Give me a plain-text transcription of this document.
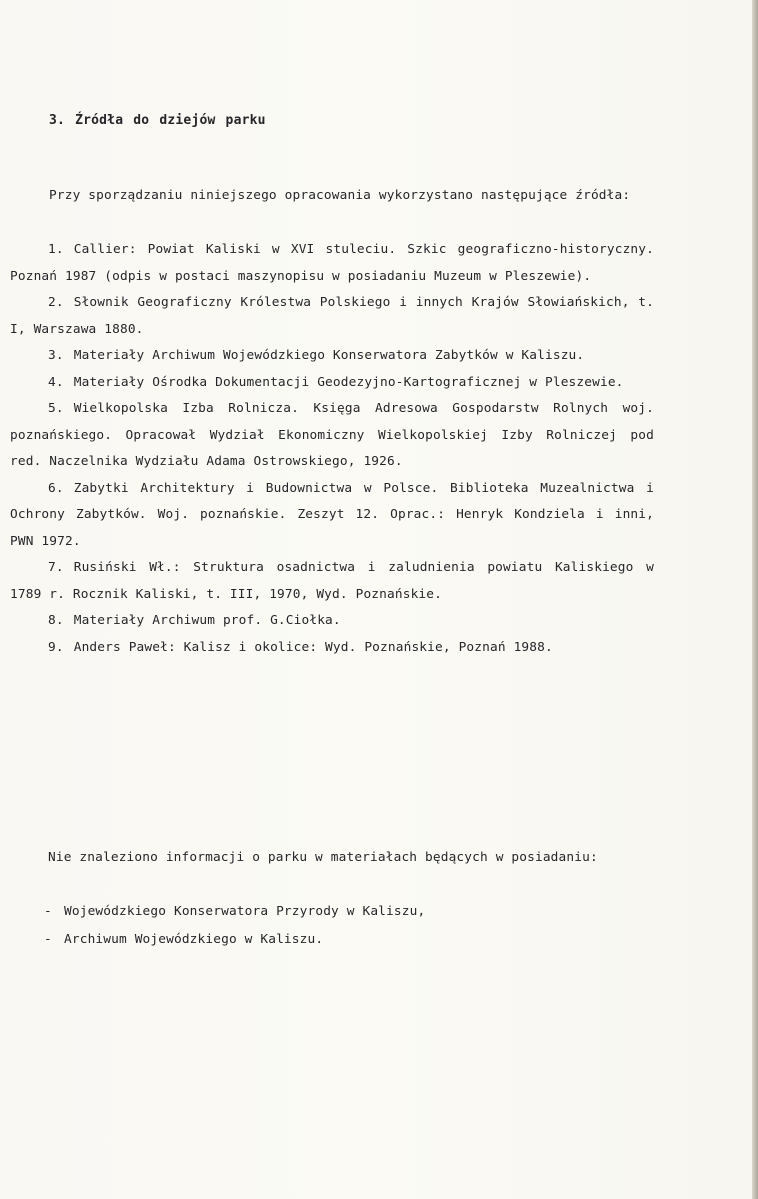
3. Źródła do dziejów parku
Przy sporządzaniu niniejszego opracowania wykorzystano następujące źródła:
1. Callier: Powiat Kaliski w XVI stuleciu. Szkic geograficzno-historyczny. Poznań 1987 (odpis w postaci maszynopisu w posiadaniu Muzeum w Pleszewie).
2. Słownik Geograficzny Królestwa Polskiego i innych Krajów Słowiańskich, t. I, Warszawa 1880.
3. Materiały Archiwum Wojewódzkiego Konserwatora Zabytków w Kaliszu.
4. Materiały Ośrodka Dokumentacji Geodezyjno-Kartograficznej w Pleszewie.
5. Wielkopolska Izba Rolnicza. Księga Adresowa Gospodarstw Rolnych woj. poznańskiego. Opracował Wydział Ekonomiczny Wielkopolskiej Izby Rolniczej pod red. Naczelnika Wydziału Adama Ostrowskiego, 1926.
6. Zabytki Architektury i Budownictwa w Polsce. Biblioteka Muzealnictwa i Ochrony Zabytków. Woj. poznańskie. Zeszyt 12. Oprac.: Henryk Kondziela i inni, PWN 1972.
7. Rusiński Wł.: Struktura osadnictwa i zaludnienia powiatu Kaliskiego w 1789 r. Rocznik Kaliski, t. III, 1970, Wyd. Poznańskie.
8. Materiały Archiwum prof. G.Ciołka.
9. Anders Paweł: Kalisz i okolice: Wyd. Poznańskie, Poznań 1988.
Nie znaleziono informacji o parku w materiałach będących w posiadaniu:
- Wojewódzkiego Konserwatora Przyrody w Kaliszu,
- Archiwum Wojewódzkiego w Kaliszu.
